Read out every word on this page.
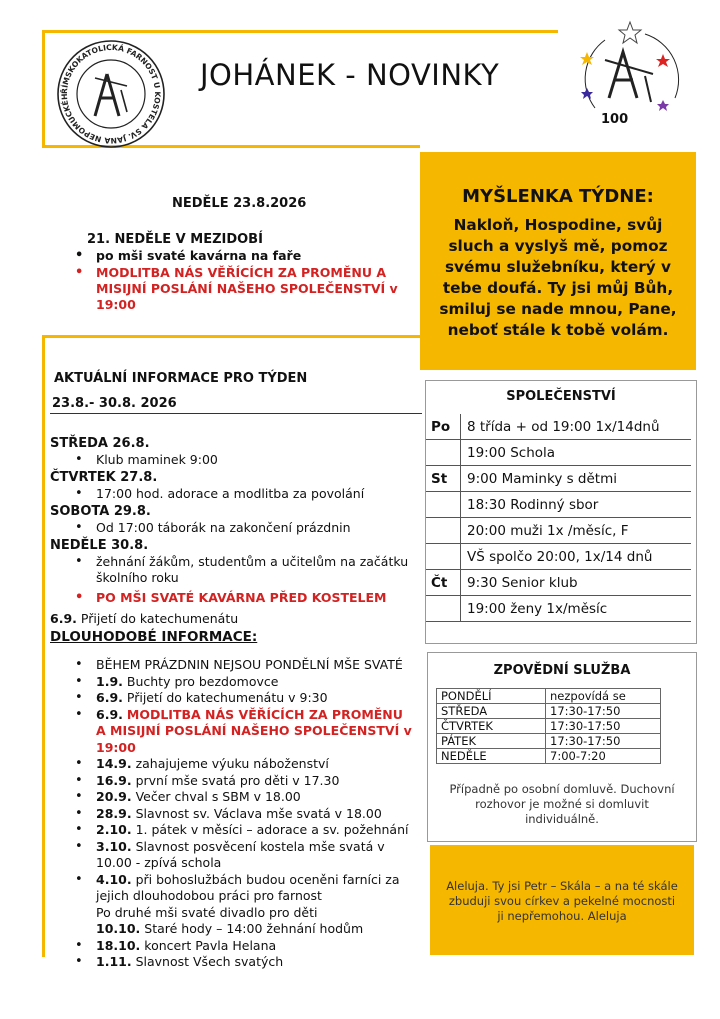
ŘÍMSKOKATOLICKÁ FARNOST U KOSTELA SV. JANA NEPOMUCKÉH
JOHÁNEK - NOVINKY
100
NEDĚLE 23.8.2026
21. NEDĚLE V MEZIDOBÍ
• po mši svaté kavárna na faře
• MODLITBA NÁS VĚŘÍCÍCH ZA PROMĚNU A MISIJNÍ POSLÁNÍ NAŠEHO SPOLEČENSTVÍ v 19:00
MYŠLENKA TÝDNE:

Nakloň, Hospodine, svůj sluch a vyslyš mě, pomoz svému služebníku, který v tebe doufá. Ty jsi můj Bůh, smiluj se nade mnou, Pane, neboť stále k tobě volám.

AKTUÁLNÍ INFORMACE PRO TÝDEN
23.8.- 30.8. 2026
STŘEDA 26.8.
• Klub maminek 9:00
ČTVRTEK 27.8.
• 17:00 hod. adorace a modlitba za povolání
SOBOTA 29.8.
• Od 17:00 táborák na zakončení prázdnin
NEDĚLE 30.8.
• žehnání žákům, studentům a učitelům na začátku školního roku
• PO MŠI SVATÉ KAVÁRNA PŘED KOSTELEM
6.9. Přijetí do katechumenátu
DLOUHODOBÉ INFORMACE:
• BĚHEM PRÁZDNIN NEJSOU PONDĚLNÍ MŠE SVATÉ
• 1.9. Buchty pro bezdomovce
• 6.9. Přijetí do katechumenátu v 9:30
• 6.9. MODLITBA NÁS VĚŘÍCÍCH ZA PROMĚNU A MISIJNÍ POSLÁNÍ NAŠEHO SPOLEČENSTVÍ v 19:00
• 14.9. zahajujeme výuku náboženství
• 16.9. první mše svatá pro děti v 17.30
• 20.9. Večer chval s SBM v 18.00
• 28.9. Slavnost sv. Václava mše svatá v 18.00
• 2.10. 1. pátek v měsíci – adorace a sv. požehnání
• 3.10. Slavnost posvěcení kostela mše svatá v 10.00 - zpívá schola
• 4.10. při bohoslužbách budou oceněni farníci za jejich dlouhodobou práci pro farnost
Po druhé mši svaté divadlo pro děti
10.10. Staré hody – 14:00 žehnání hodům
• 18.10. koncert Pavla Helana
• 1.11. Slavnost Všech svatých
SPOLEČENSTVÍ
Po	8 třída + od 19:00 1x/14dnů
	19:00 Schola
St	9:00 Maminky s dětmi
	18:30 Rodinný sbor
	20:00 muži 1x /měsíc, F
	VŠ spolčo 20:00, 1x/14 dnů
Čt	9:30 Senior klub
	19:00 ženy 1x/měsíc
ZPOVĚDNÍ SLUŽBA
PONDĚLÍ	nezpovídá se
STŘEDA	17:30-17:50
ČTVRTEK	17:30-17:50
PÁTEK	17:30-17:50
NEDĚLE	7:00-7:20
Případně po osobní domluvě. Duchovní rozhovor je možné si domluvit individuálně.
Aleluja. Ty jsi Petr – Skála – a na té skále zbuduji svou církev a pekelné mocnosti ji nepřemohou. Aleluja
